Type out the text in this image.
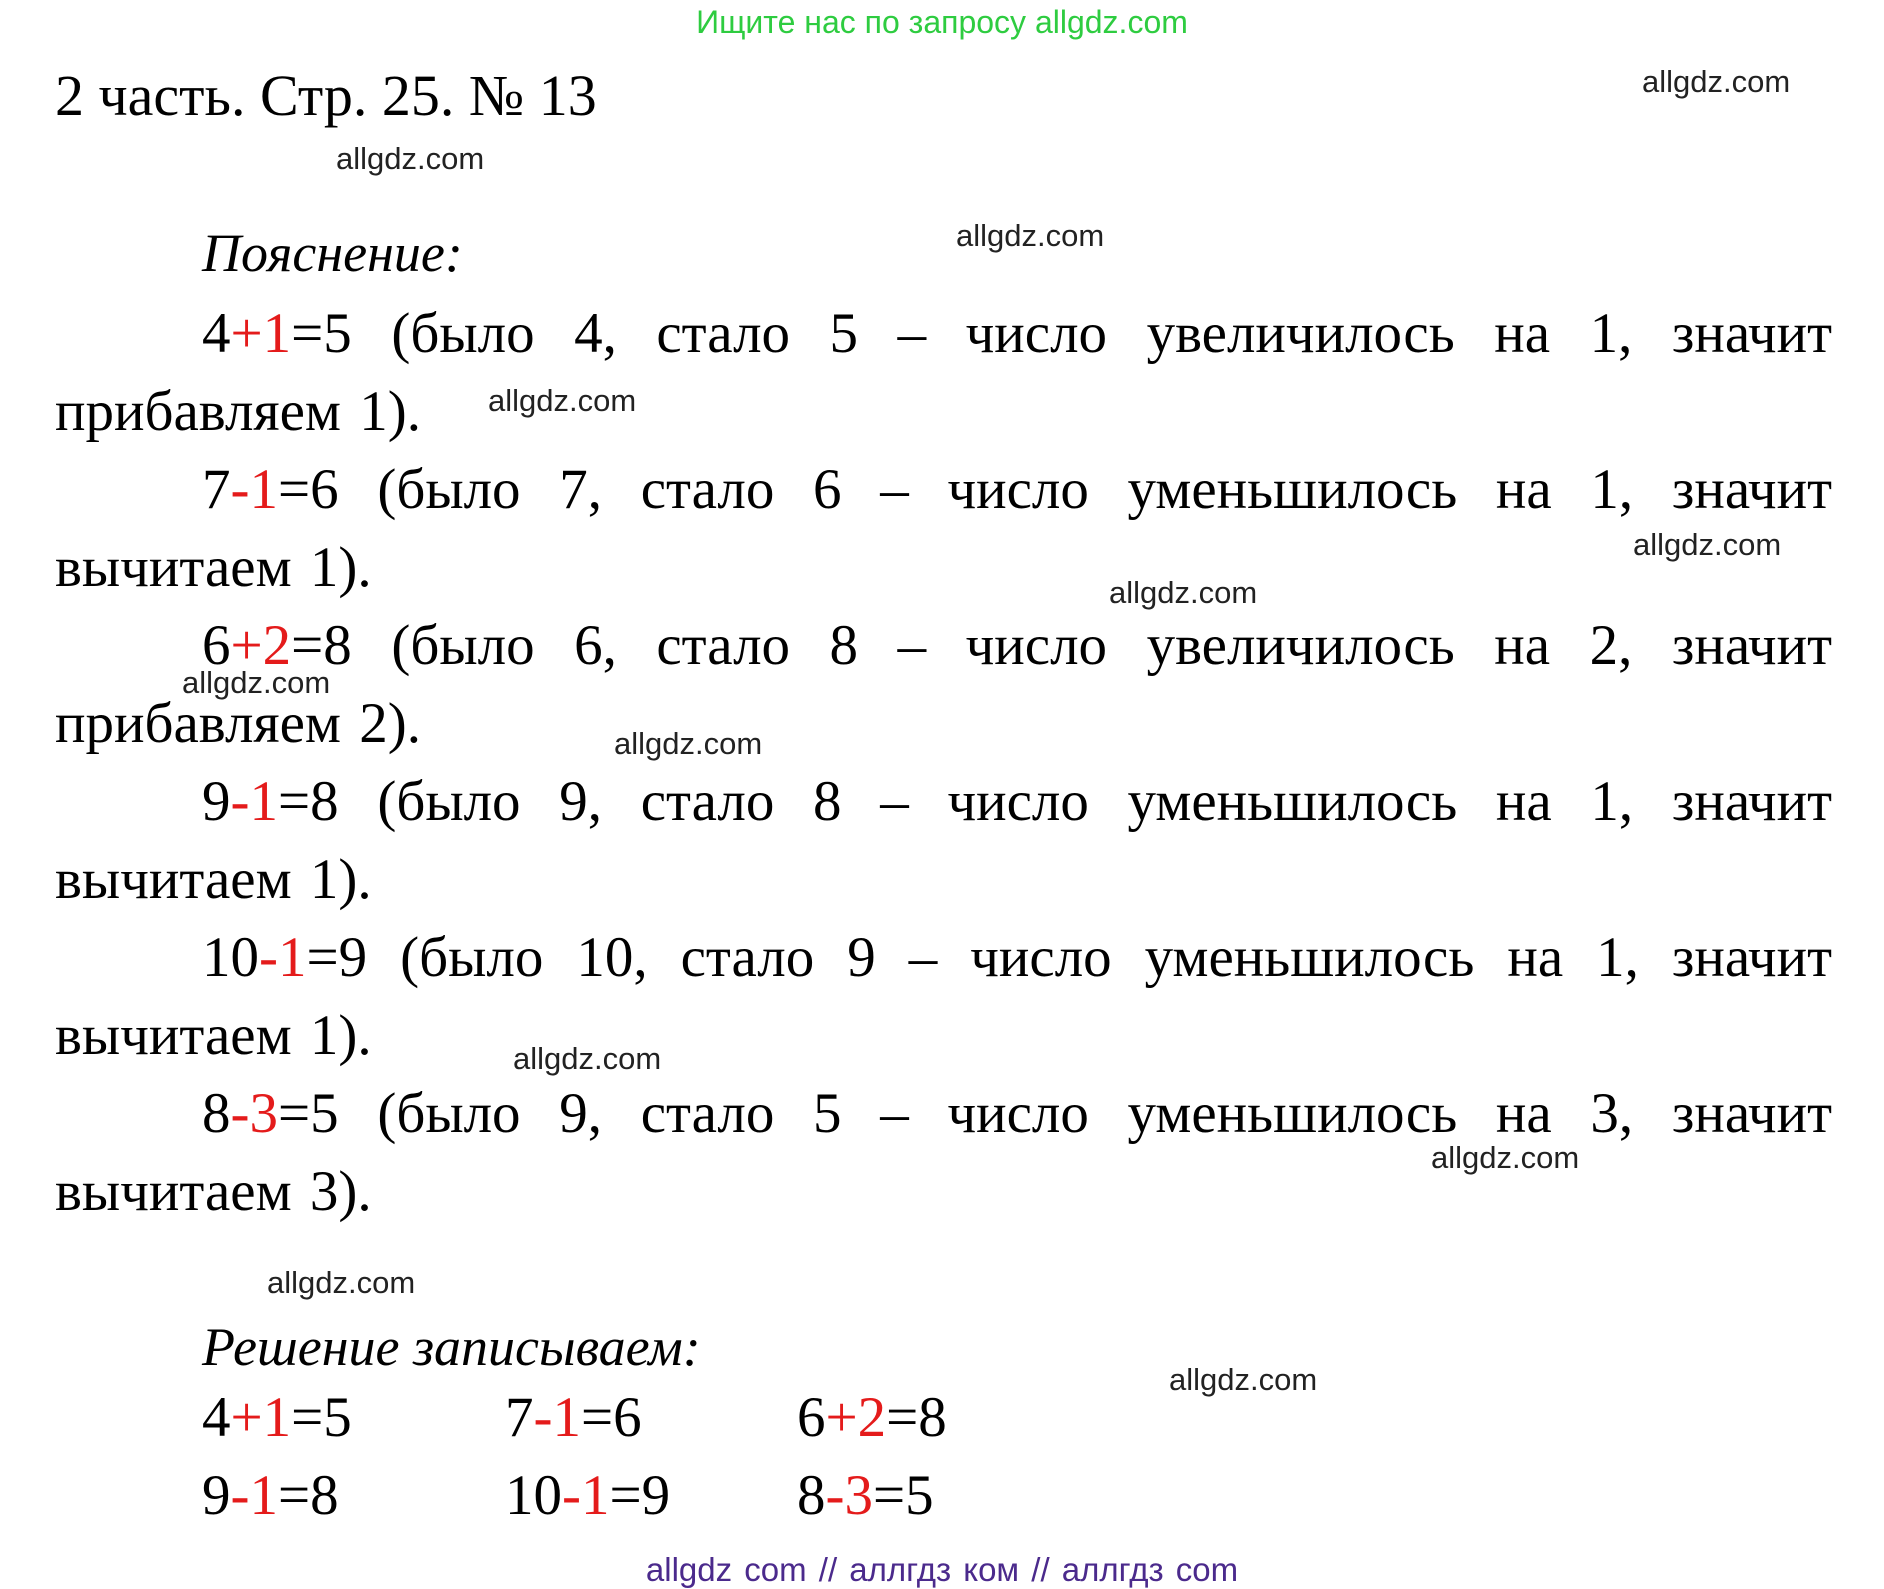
Ищите нас по запросу allgdz.com
2 часть. Стр. 25. № 13
Пояснение:
4+1=5 (было 4, стало 5 – число увеличилось на 1, значит прибавляем 1).
7-1=6 (было 7, стало 6 – число уменьшилось на 1, значит вычитаем 1).
6+2=8 (было 6, стало 8 – число увеличилось на 2, значит прибавляем 2).
9-1=8 (было 9, стало 8 – число уменьшилось на 1, значит вычитаем 1).
10-1=9 (было 10, стало 9 – число уменьшилось на 1, значит вычитаем 1).
8-3=5 (было 9, стало 5 – число уменьшилось на 3, значит вычитаем 3).
Решение записываем:
4+1=5	7-1=6	6+2=8
9-1=8	10-1=9 8-3=5
allgdz.com
allgdz.com
allgdz.com
allgdz.com
allgdz.com
allgdz.com
allgdz.com
allgdz.com
allgdz.com
allgdz.com
allgdz.com
allgdz.com
allgdz com // аллгдз ком // аллгдз com
